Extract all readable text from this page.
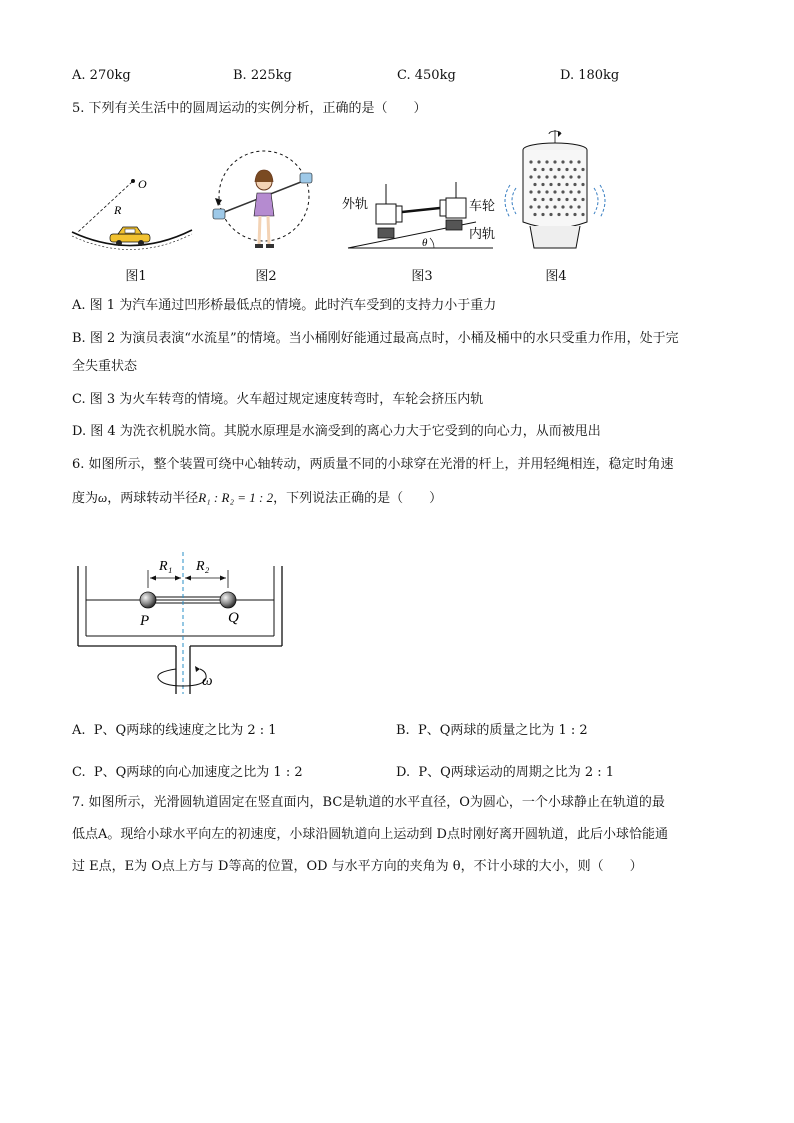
A. 270kg	B. 225kg	C. 450kg	D. 180kg
5. 下列有关生活中的圆周运动的实例分析，正确的是（　　）
O
R
θ
外轨	车轮
内轨
图1	图2	图3	图4
A. 图 1 为汽车通过凹形桥最低点的情境。此时汽车受到的支持力小于重力
B. 图 2 为演员表演“水流星”的情境。当小桶刚好能通过最高点时，小桶及桶中的水只受重力作用，处于完
全失重状态
C. 图 3 为火车转弯的情境。火车超过规定速度转弯时，车轮会挤压内轨
D. 图 4 为洗衣机脱水筒。其脱水原理是水滴受到的离心力大于它受到的向心力，从而被甩出
6. 如图所示，整个装置可绕中心轴转动，两质量不同的小球穿在光滑的杆上，并用轻绳相连，稳定时角速
度为ω，两球转动半径R₁ : R₂ = 1 : 2，下列说法正确的是（　　）
R₁ R₂
P	Q
ω
A. P、Q两球的线速度之比为 2 : 1	B. P、Q两球的质量之比为 1 : 2
C. P、Q两球的向心加速度之比为 1 : 2	D. P、Q两球运动的周期之比为 2 : 1
7. 如图所示，光滑圆轨道固定在竖直面内，BC是轨道的水平直径，O为圆心，一个小球静止在轨道的最
低点A。现给小球水平向左的初速度，小球沿圆轨道向上运动到 D点时刚好离开圆轨道，此后小球恰能通
过 E点，E为 O点上方与 D等高的位置，OD 与水平方向的夹角为 θ，不计小球的大小，则（　　）
